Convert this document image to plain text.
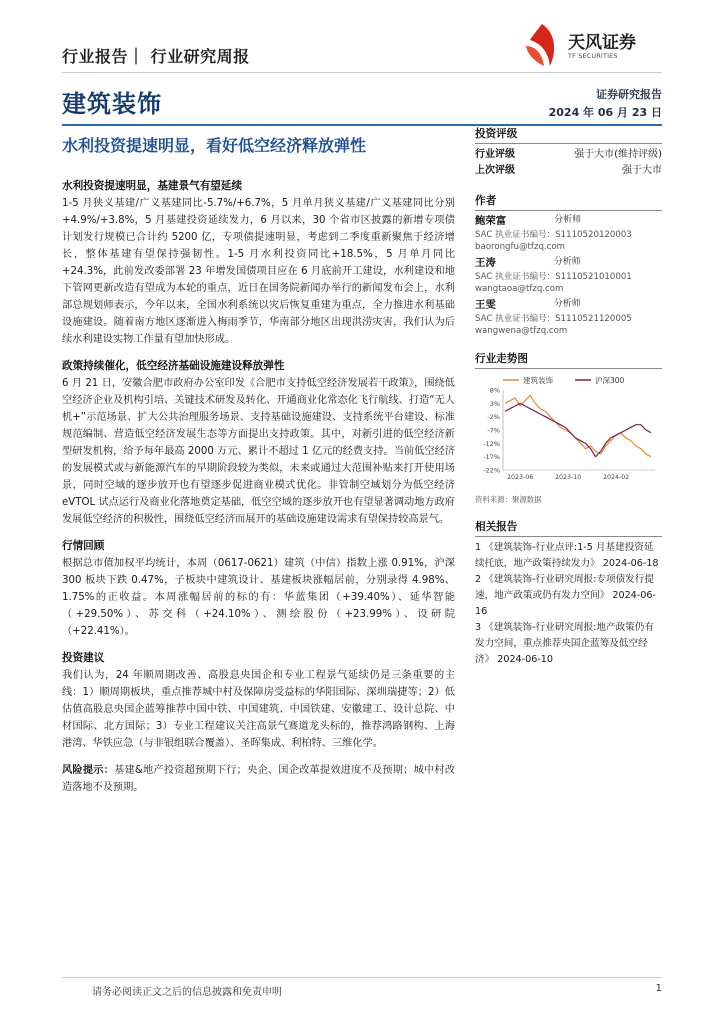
行业报告｜ 行业研究周报
天风证券
TF SECURITIES
建筑装饰	证券研究报告
2024 年 06 月 23 日
水利投资提速明显，看好低空经济释放弹性
水利投资提速明显，基建景气有望延续

1-5 月狭义基建/广义基建同比-5.7%/+6.7%，5 月单月狭义基建/广义基建同比分别+4.9%/+3.8%，5 月基建投资延续发力，6 月以来，30 个省市区披露的新增专项债计划发行规模已合计约 5200 亿，专项债提速明显，考虑到二季度重新聚焦于经济增长，整体基建有望保持强韧性。1-5 月水利投资同比+18.5%，5 月单月同比+24.3%，此前发改委部署 23 年增发国债项目应在 6 月底前开工建设，水利建设和地下管网更新改造有望成为本轮的重点，近日在国务院新闻办举行的新闻发布会上，水利部总规划师表示，今年以来，全国水利系统以灾后恢复重建为重点，全力推进水利基础设施建设。随着南方地区逐渐进入梅雨季节，华南部分地区出现洪涝灾害，我们认为后续水利建设实物工作量有望加快形成。

政策持续催化，低空经济基础设施建设释放弹性

6 月 21 日，安徽合肥市政府办公室印发《合肥市支持低空经济发展若干政策》，围绕低空经济企业及机构引培、关键技术研发及转化、开通商业化常态化飞行航线、打造“无人机+”示范场景、扩大公共治理服务场景、支持基础设施建设、支持系统平台建设、标准规范编制、营造低空经济发展生态等方面提出支持政策。其中，对新引进的低空经济新型研发机构，给予每年最高 2000 万元、累计不超过 1 亿元的经费支持。当前低空经济的发展模式或与新能源汽车的早期阶段较为类似，未来或通过大范围补贴来打开使用场景，同时空域的逐步放开也有望逐步促进商业模式优化。非管制空域划分为低空经济 eVTOL 试点运行及商业化落地奠定基础，低空空域的逐步放开也有望显著调动地方政府发展低空经济的积极性，围绕低空经济而展开的基础设施建设需求有望保持较高景气。

行情回顾

根据总市值加权平均统计，本周（0617-0621）建筑（中信）指数上涨 0.91%，沪深 300 板块下跌 0.47%，子板块中建筑设计、基建板块涨幅居前，分别录得 4.98%、1.75%的正收益。本周涨幅居前的标的有：华蓝集团（+39.40%）、延华智能（+29.50%）、苏交科（+24.10%）、测绘股份（+23.99%）、设研院（+22.41%）。

投资建议

我们认为，24 年顺周期改善、高股息央国企和专业工程景气延续仍是三条重要的主线：1）顺周期板块，重点推荐城中村及保障房受益标的华阳国际、深圳瑞捷等；2）低估值高股息央国企蓝筹推荐中国中铁、中国建筑、中国铁建、安徽建工、设计总院、中材国际、北方国际；3）专业工程建议关注高景气赛道龙头标的，推荐鸿路钢构、上海港湾、华铁应急（与非银组联合覆盖）、圣晖集成、利柏特、三维化学。

风险提示：基建&地产投资超预期下行；央企、国企改革提效进度不及预期；城中村改造落地不及预期。

投资评级
行业评级	强于大市(维持评级)
上次评级	强于大市
作者
鲍荣富	分析师
SAC 执业证书编号：S1110520120003
baorongfu@tfzq.com
王涛	分析师
SAC 执业证书编号：S1110521010001
wangtaoa@tfzq.com
王雯	分析师
SAC 执业证书编号：S1110521120005
wangwena@tfzq.com
行业走势图
建筑装饰	沪深300
8%
3%
-2%
-7%
-12%
-17%
-22%
2023-06	2023-10	2024-02
资料来源：聚源数据
相关报告
1 《建筑装饰-行业点评:1-5 月基建投资延续托底，地产政策持续发力》 2024-06-18
2 《建筑装饰-行业研究周报:专项债发行提速，地产政策或仍有发力空间》 2024-06-16
3 《建筑装饰-行业研究周报:地产政策仍有发力空间，重点推荐央国企蓝筹及低空经济》 2024-06-10
请务必阅读正文之后的信息披露和免责申明	1
